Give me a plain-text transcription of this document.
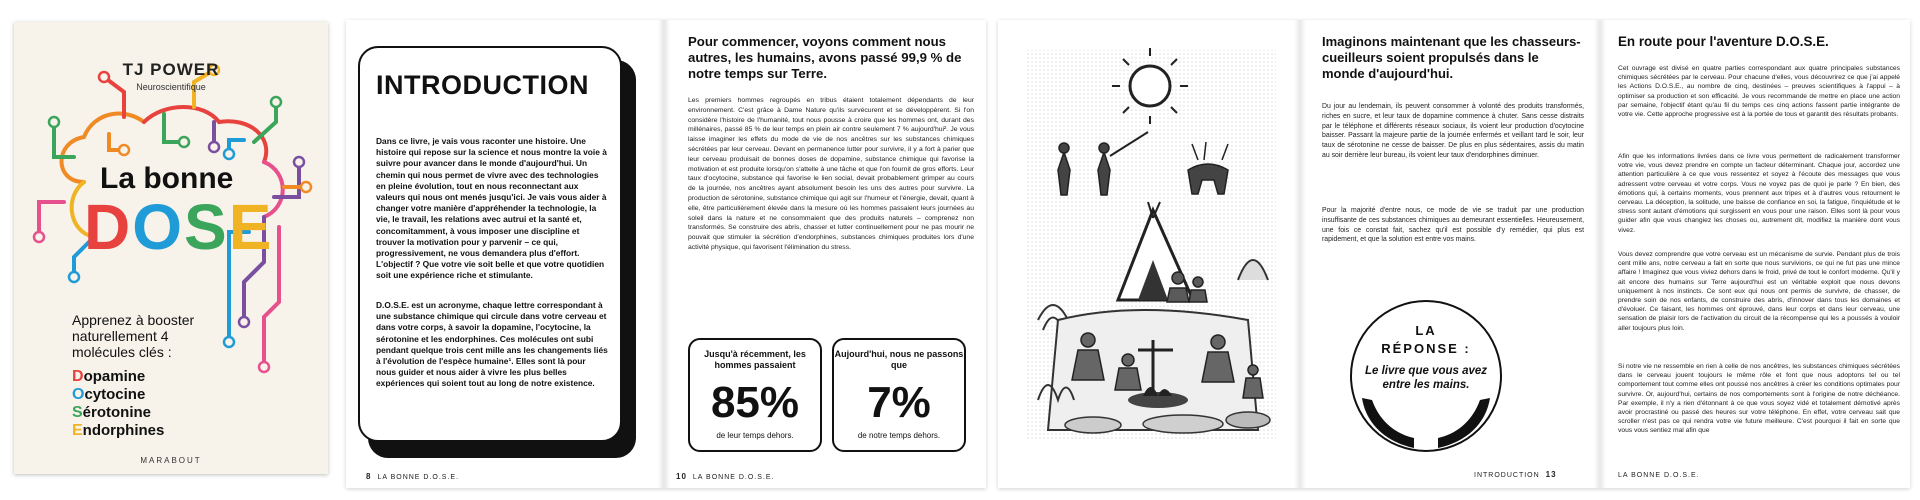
TJ POWER
Neuroscientifique
La bonne
DOSE
Apprenez à booster naturellement 4 molécules clés :
Dopamine
Ocytocine
Sérotonine
Endorphines
MARABOUT
INTRODUCTION
Dans ce livre, je vais vous raconter une histoire. Une histoire qui repose sur la science et nous montre la voie à suivre pour avancer dans le monde d'aujourd'hui. Un chemin qui nous permet de vivre avec des technologies en pleine évolution, tout en nous reconnectant aux valeurs qui nous ont menés jusqu'ici. Je vais vous aider à changer votre manière d'appréhender la technologie, la vie, le travail, les relations avec autrui et la santé et, concomitamment, à vous imposer une discipline et trouver la motivation pour y parvenir – ce qui, progressivement, ne vous demandera plus d'effort. L'objectif ? Que votre vie soit belle et que votre quotidien soit une expérience riche et stimulante.
D.O.S.E. est un acronyme, chaque lettre correspondant à une substance chimique qui circule dans votre cerveau et dans votre corps, à savoir la dopamine, l'ocytocine, la sérotonine et les endorphines. Ces molécules ont subi pendant quelque trois cent mille ans les changements liés à l'évolution de l'espèce humaine¹. Elles sont là pour nous guider et nous aider à vivre les plus belles expériences qui soient tout au long de notre existence.
8 LA BONNE D.O.S.E.
Pour commencer, voyons comment nous autres, les humains, avons passé 99,9 % de notre temps sur Terre.
Les premiers hommes regroupés en tribus étaient totalement dépendants de leur environnement. C'est grâce à Dame Nature qu'ils survécurent et se développèrent. Si l'on considère l'histoire de l'humanité, tout nous pousse à croire que les hommes ont, durant des millénaires, passé 85 % de leur temps en plein air contre seulement 7 % aujourd'hui². Je vous laisse imaginer les effets du mode de vie de nos ancêtres sur les substances chimiques sécrétées par leur cerveau. Devant en permanence lutter pour survivre, il y a fort à parier que leur cerveau produisait de bonnes doses de dopamine, substance chimique qui favorise la motivation et est produite lorsqu'on s'attelle à une tâche et que l'on fournit de gros efforts. Leur taux d'ocytocine, substance qui favorise le lien social, devait probablement grimper au cours de la journée, nos ancêtres ayant absolument besoin les uns des autres pour survivre. La production de sérotonine, substance chimique qui agit sur l'humeur et l'énergie, devait, quant à elle, être particulièrement élevée dans la mesure où les hommes passaient leurs journées au soleil dans la nature et ne consommaient que des produits naturels – comprenez non transformés. Se construire des abris, chasser et lutter continuellement pour ne pas mourir ne pouvait que stimuler la sécrétion d'endorphines, substances chimiques produites lors d'une activité physique, qui favorisent l'élimination du stress.
Jusqu'à récemment, les hommes passaient
85%
de leur temps dehors.
Aujourd'hui, nous ne passons que
7%
de notre temps dehors.
10 LA BONNE D.O.S.E.
Imaginons maintenant que les chasseurs-cueilleurs soient propulsés dans le monde d'aujourd'hui.
Du jour au lendemain, ils peuvent consommer à volonté des produits transformés, riches en sucre, et leur taux de dopamine commence à chuter. Sans cesse distraits par le téléphone et différents réseaux sociaux, ils voient leur production d'ocytocine baisser. Passant la majeure partie de la journée enfermés et veillant tard le soir, leur taux de sérotonine ne cesse de baisser. De plus en plus sédentaires, assis du matin au soir derrière leur bureau, ils voient leur taux d'endorphines diminuer.
Pour la majorité d'entre nous, ce mode de vie se traduit par une production insuffisante de ces substances chimiques au demeurant essentielles. Heureusement, une fois ce constat fait, sachez qu'il est possible d'y remédier, qui plus est rapidement, et que la solution est entre vos mains.
LA RÉPONSE :
Le livre que vous avez entre les mains.
INTRODUCTION 13
En route pour l'aventure D.O.S.E.
Cet ouvrage est divisé en quatre parties correspondant aux quatre principales substances chimiques sécrétées par le cerveau. Pour chacune d'elles, vous découvrirez ce que j'ai appelé les Actions D.O.S.E., au nombre de cinq, destinées – preuves scientifiques à l'appui – à optimiser sa production et son efficacité. Je vous recommande de mettre en place une action par semaine, l'objectif étant qu'au fil du temps ces cinq actions fassent partie intégrante de votre vie. Cette approche progressive est à la portée de tous et garantit des résultats probants.
Afin que les informations livrées dans ce livre vous permettent de radicalement transformer votre vie, vous devez prendre en compte un facteur déterminant. Chaque jour, accordez une attention particulière à ce que vous ressentez et soyez à l'écoute des messages que vous adressent votre cerveau et votre corps. Vous ne voyez pas de quoi je parle ? En bien, des émotions qui, à certains moments, vous prennent aux tripes et à d'autres vous retournent le cerveau. La déception, la solitude, une baisse de confiance en soi, la fatigue, l'inquiétude et le stress sont autant d'émotions qui surgissent en vous pour une raison. Elles sont là pour vous guider afin que vous changiez les choses ou, autrement dit, modifiez la manière dont vous vivez.
Vous devez comprendre que votre cerveau est un mécanisme de survie. Pendant plus de trois cent mille ans, notre cerveau a fait en sorte que nous survivions, ce qui ne fut pas une mince affaire ! Imaginez que vous viviez dehors dans le froid, privé de tout le confort moderne. Qu'il y ait encore des humains sur Terre aujourd'hui est un véritable exploit que nous devons uniquement à nos instincts. Ce sont eux qui nous ont permis de survivre, de chasser, de prendre soin de nos enfants, de construire des abris, d'innover dans tous les domaines et d'évoluer. Ce faisant, les hommes ont éprouvé, dans leur corps et dans leur cerveau, une sensation de plaisir lors de l'activation du circuit de la récompense qui les a poussés à vouloir aller toujours plus loin.
Si notre vie ne ressemble en rien à celle de nos ancêtres, les substances chimiques sécrétées dans le cerveau jouent toujours le même rôle et font que nous adoptons tel ou tel comportement tout comme elles ont poussé nos ancêtres à créer les conditions optimales pour survivre. Or, aujourd'hui, certains de nos comportements sont à l'origine de notre déchéance. Par exemple, il n'y a rien d'étonnant à ce que vous soyez vidé et totalement démotivé après avoir procrastiné ou passé des heures sur votre téléphone. En effet, votre cerveau sait que scroller n'est pas ce qui rendra votre vie future meilleure. C'est pourquoi il fait en sorte que vous vous sentiez mal afin que
LA BONNE D.O.S.E.
